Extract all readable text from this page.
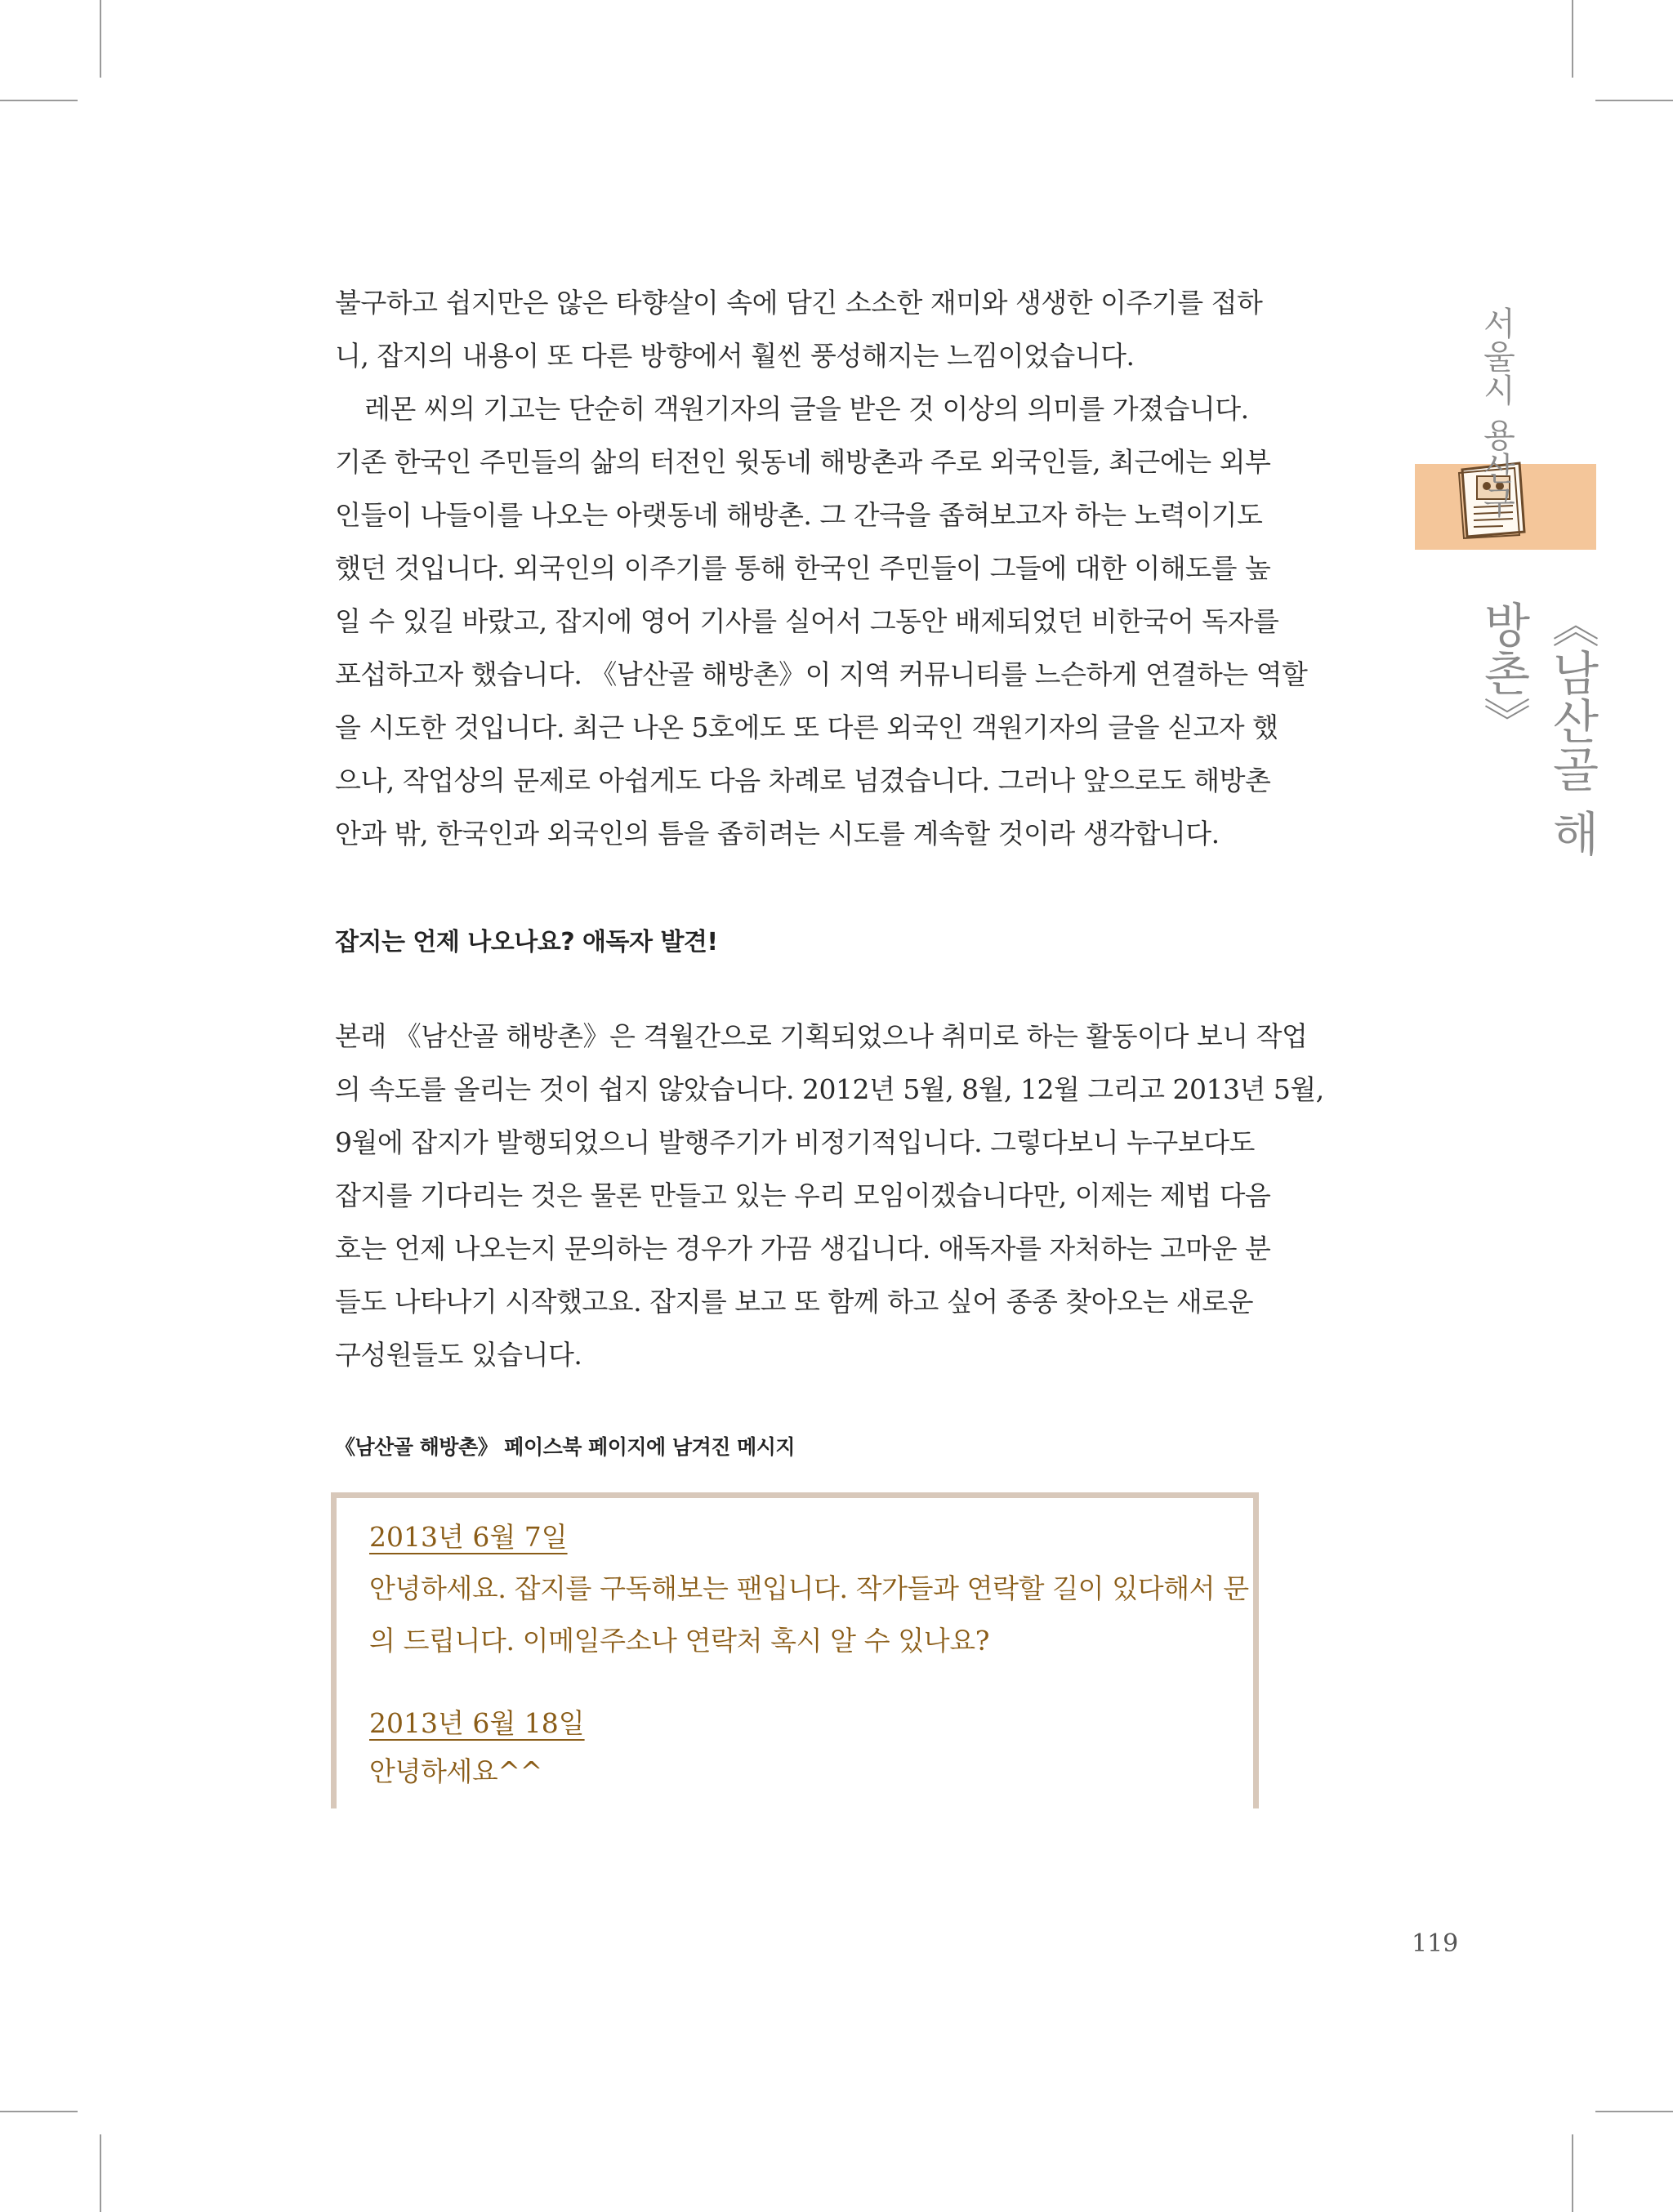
서울시 용산구
《남산골 해방촌》

불구하고 쉽지만은 않은 타향살이 속에 담긴 소소한 재미와 생생한 이주기를 접하
니, 잡지의 내용이 또 다른 방향에서 훨씬 풍성해지는 느낌이었습니다.

레몬 씨의 기고는 단순히 객원기자의 글을 받은 것 이상의 의미를 가졌습니다.
기존 한국인 주민들의 삶의 터전인 윗동네 해방촌과 주로 외국인들, 최근에는 외부
인들이 나들이를 나오는 아랫동네 해방촌. 그 간극을 좁혀보고자 하는 노력이기도
했던 것입니다. 외국인의 이주기를 통해 한국인 주민들이 그들에 대한 이해도를 높
일 수 있길 바랐고, 잡지에 영어 기사를 실어서 그동안 배제되었던 비한국어 독자를
포섭하고자 했습니다. 《남산골 해방촌》이 지역 커뮤니티를 느슨하게 연결하는 역할
을 시도한 것입니다. 최근 나온 5호에도 또 다른 외국인 객원기자의 글을 싣고자 했
으나, 작업상의 문제로 아쉽게도 다음 차례로 넘겼습니다. 그러나 앞으로도 해방촌
안과 밖, 한국인과 외국인의 틈을 좁히려는 시도를 계속할 것이라 생각합니다.

잡지는 언제 나오나요? 애독자 발견!

본래 《남산골 해방촌》은 격월간으로 기획되었으나 취미로 하는 활동이다 보니 작업
의 속도를 올리는 것이 쉽지 않았습니다. 2012년 5월, 8월, 12월 그리고 2013년 5월,
9월에 잡지가 발행되었으니 발행주기가 비정기적입니다. 그렇다보니 누구보다도
잡지를 기다리는 것은 물론 만들고 있는 우리 모임이겠습니다만, 이제는 제법 다음
호는 언제 나오는지 문의하는 경우가 가끔 생깁니다. 애독자를 자처하는 고마운 분
들도 나타나기 시작했고요. 잡지를 보고 또 함께 하고 싶어 종종 찾아오는 새로운
구성원들도 있습니다.

《남산골 해방촌》 페이스북 페이지에 남겨진 메시지
2013년 6월 7일
안녕하세요. 잡지를 구독해보는 팬입니다. 작가들과 연락할 길이 있다해서 문
의 드립니다. 이메일주소나 연락처 혹시 알 수 있나요?
2013년 6월 18일
안녕하세요^^
119
